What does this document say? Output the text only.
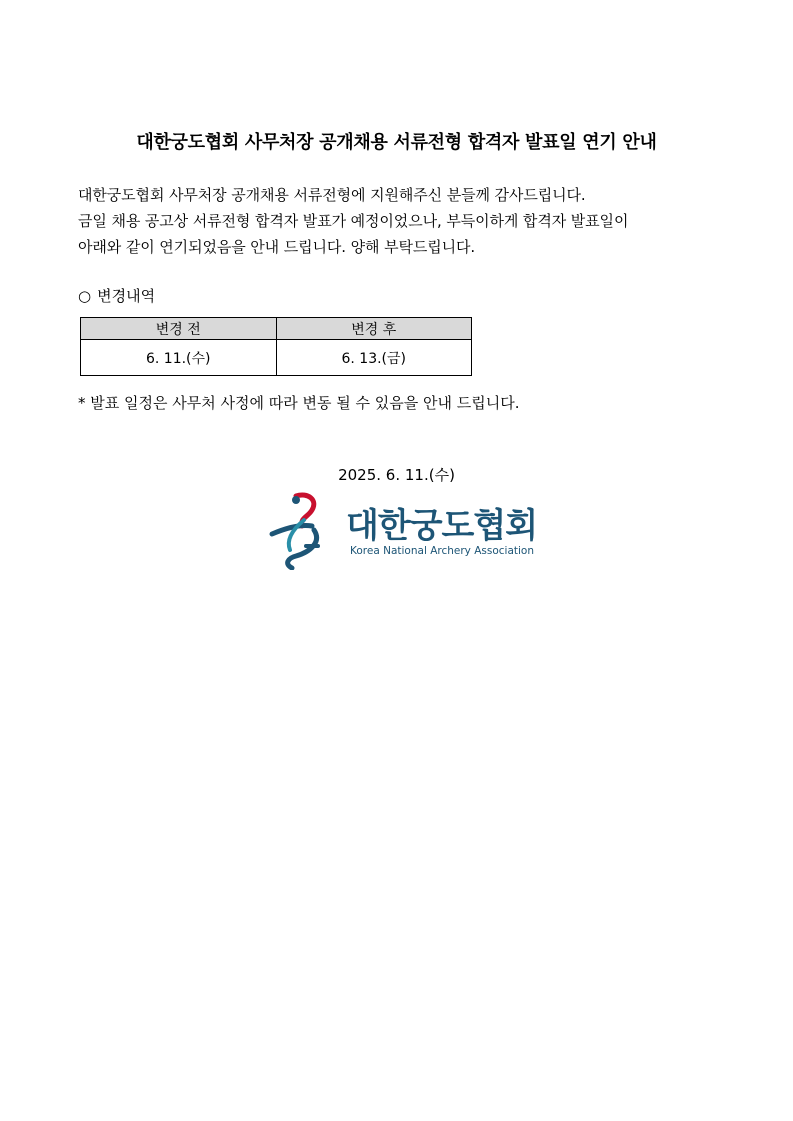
대한궁도협회 사무처장 공개채용 서류전형 합격자 발표일 연기 안내
대한궁도협회 사무처장 공개채용 서류전형에 지원해주신 분들께 감사드립니다.
금일 채용 공고상 서류전형 합격자 발표가 예정이었으나, 부득이하게 합격자 발표일이
아래와 같이 연기되었음을 안내 드립니다. 양해 부탁드립니다.
○ 변경내역
변경 전	변경 후
6. 11.(수)	6. 13.(금)
* 발표 일정은 사무처 사정에 따라 변동 될 수 있음을 안내 드립니다.
2025. 6. 11.(수)
대한궁도협회
Korea National Archery Association
